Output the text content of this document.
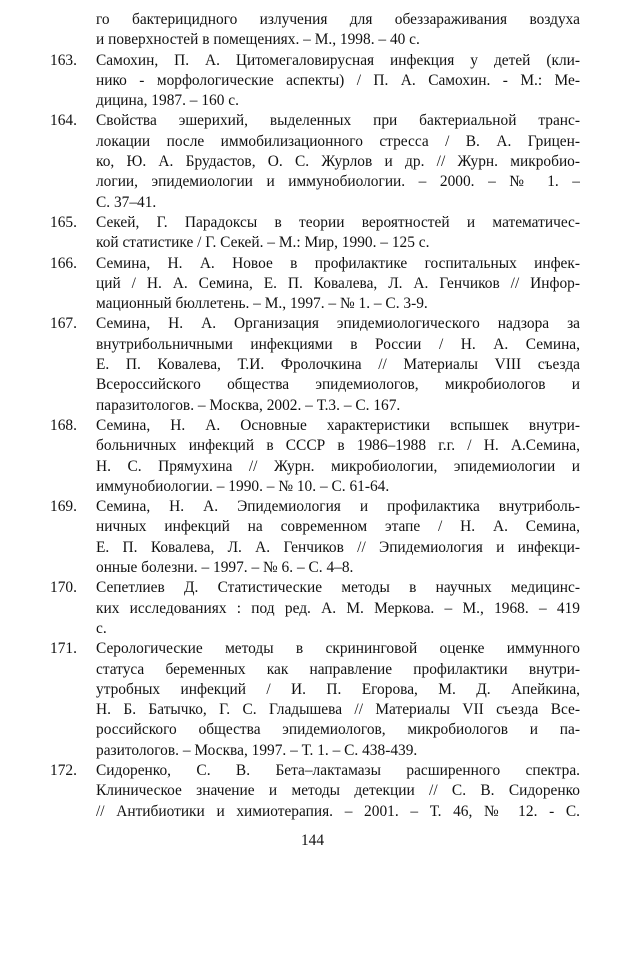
го бактерицидного излучения для обеззараживания воздуха
и поверхностей в помещениях. – М., 1998. – 40 с.
163.	Самохин, П. А. Цитомегаловирусная инфекция у детей (кли-
нико - морфологические аспекты) / П. А. Самохин. - М.: Ме-
дицина, 1987. – 160 с.
164.	Свойства эшерихий, выделенных при бактериальной транс-
локации после иммобилизационного стресса / В. А. Грицен-
ко, Ю. А. Брудастов, О. С. Журлов и др. // Журн. микробио-
логии, эпидемиологии и иммунобиологии. – 2000. – № 1. –
С. 37–41.
165.	Секей, Г. Парадоксы в теории вероятностей и математичес-
кой статистике / Г. Секей. – М.: Мир, 1990. – 125 с.
166.	Семина, Н. А. Новое в профилактике госпитальных инфек-
ций / Н. А. Семина, Е. П. Ковалева, Л. А. Генчиков // Инфор-
мационный бюллетень. – М., 1997. – № 1. – С. 3-9.
167.	Семина, Н. А. Организация эпидемиологического надзора за
внутрибольничными инфекциями в России / Н. А. Семина,
Е. П. Ковалева, Т.И. Фролочкина // Материалы VIII съезда
Всероссийского общества эпидемиологов, микробиологов и
паразитологов. – Москва, 2002. – Т.3. – С. 167.
168.	Семина, Н. А. Основные характеристики вспышек внутри-
больничных инфекций в СССР в 1986–1988 г.г. / Н. А.Семина,
Н. С. Прямухина // Журн. микробиологии, эпидемиологии и
иммунобиологии. – 1990. – № 10. – С. 61-64.
169.	Семина, Н. А. Эпидемиология и профилактика внутриболь-
ничных инфекций на современном этапе / Н. А. Семина,
Е. П. Ковалева, Л. А. Генчиков // Эпидемиология и инфекци-
онные болезни. – 1997. – № 6. – С. 4–8.
170.	Сепетлиев Д. Статистические методы в научных медицинс-
ких исследованиях : под ред. А. М. Меркова. – М., 1968. – 419
с.
171.	Серологические методы в скрининговой оценке иммунного
статуса беременных как направление профилактики внутри-
утробных инфекций / И. П. Егорова, М. Д. Апейкина,
Н. Б. Батычко, Г. С. Гладышева // Материалы VII съезда Все-
российского общества эпидемиологов, микробиологов и па-
разитологов. – Москва, 1997. – Т. 1. – С. 438-439.
172.	Сидоренко, С. В. Бета–лактамазы расширенного спектра.
Клиническое значение и методы детекции // С. В. Сидоренко
// Антибиотики и химиотерапия. – 2001. – Т. 46, № 12. - С.
144
